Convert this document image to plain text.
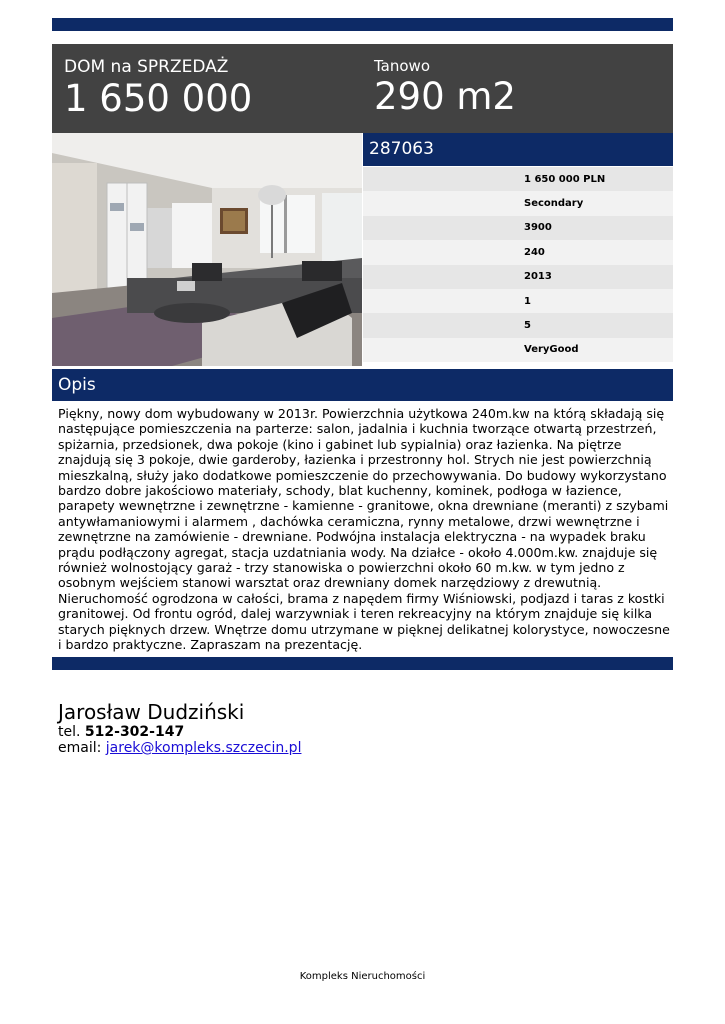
DOM na SPRZEDAŻ
1 650 000
Tanowo
290 m2
287063
1 650 000 PLN
Secondary
3900
240
2013
1
5
VeryGood
Opis
Piękny, nowy dom wybudowany w 2013r. Powierzchnia użytkowa 240m.kw na którą składają się następujące pomieszczenia na parterze: salon, jadalnia i kuchnia tworzące otwartą przestrzeń, spiżarnia, przedsionek, dwa pokoje (kino i gabinet lub sypialnia) oraz łazienka. Na piętrze znajdują się 3 pokoje, dwie garderoby, łazienka i przestronny hol. Strych nie jest powierzchnią mieszkalną, służy jako dodatkowe pomieszczenie do przechowywania. Do budowy wykorzystano bardzo dobre jakościowo materiały, schody, blat kuchenny, kominek, podłoga w łazience, parapety wewnętrzne i zewnętrzne - kamienne - granitowe, okna drewniane (meranti) z szybami antywłamaniowymi i alarmem , dachówka ceramiczna, rynny metalowe, drzwi wewnętrzne i zewnętrzne na zamówienie - drewniane. Podwójna instalacja elektryczna - na wypadek braku prądu podłączony agregat, stacja uzdatniania wody. Na działce - około 4.000m.kw. znajduje się również wolnostojący garaż - trzy stanowiska o powierzchni około 60 m.kw. w tym jedno z osobnym wejściem stanowi warsztat oraz drewniany domek narzędziowy z drewutnią. Nieruchomość ogrodzona w całości, brama z napędem firmy Wiśniowski, podjazd i taras z kostki granitowej. Od frontu ogród, dalej warzywniak i teren rekreacyjny na którym znajduje się kilka starych pięknych drzew. Wnętrze domu utrzymane w pięknej delikatnej kolorystyce, nowoczesne i bardzo praktyczne. Zapraszam na prezentację.
Jarosław Dudziński
tel. 512-302-147
email: jarek@kompleks.szczecin.pl
Kompleks Nieruchomości
